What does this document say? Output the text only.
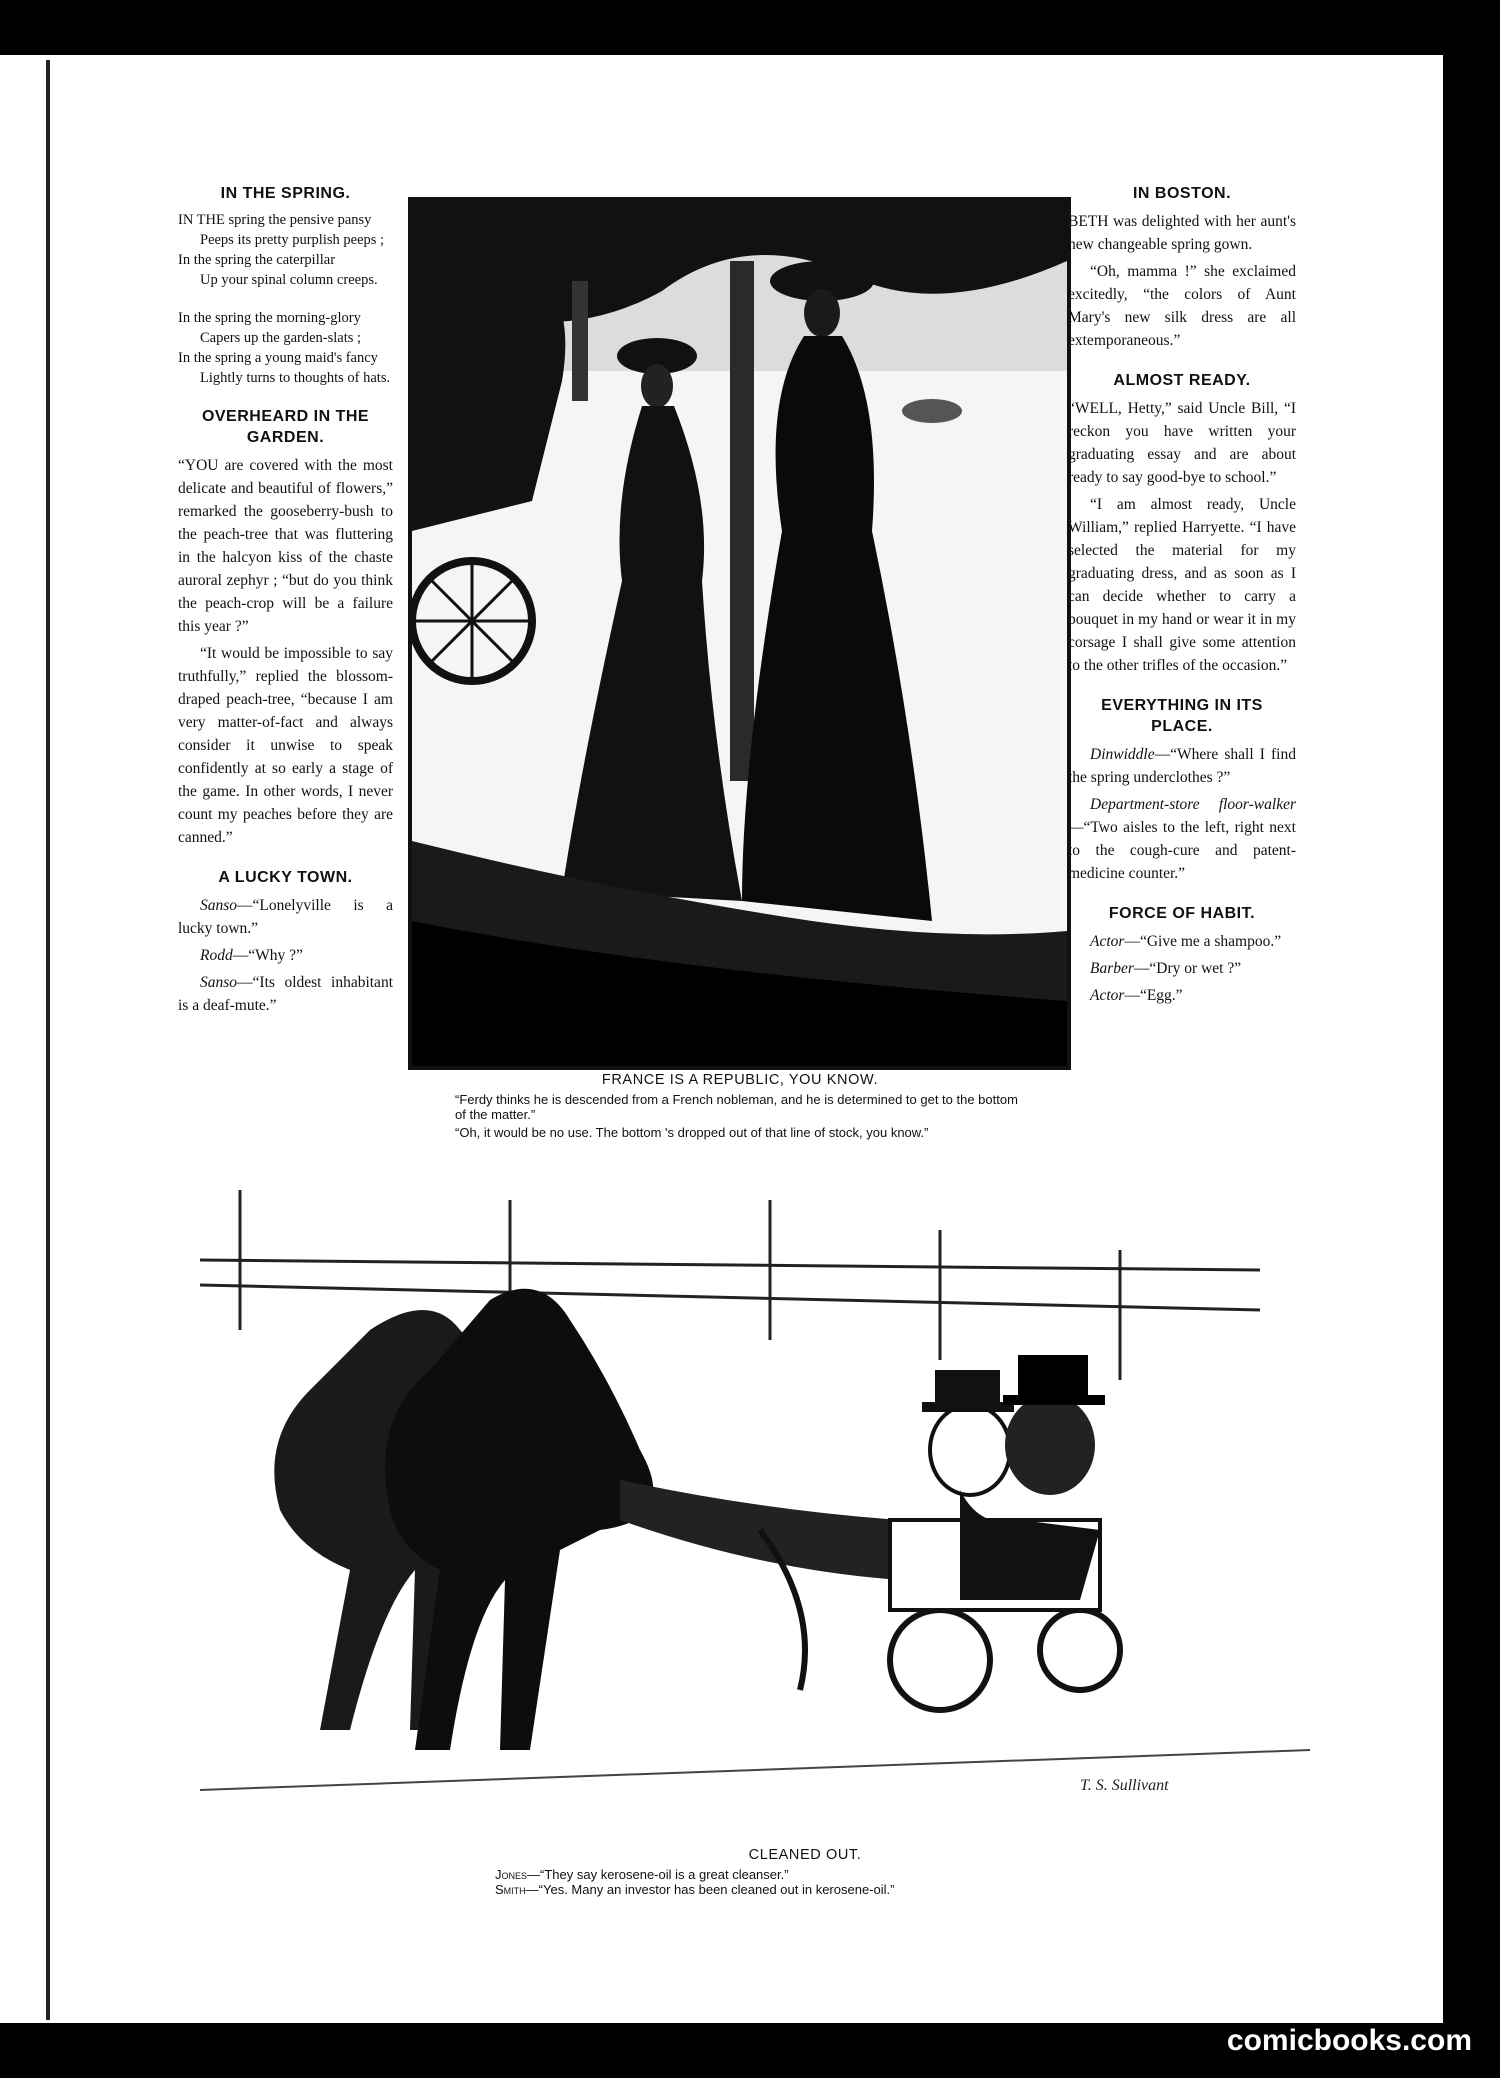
IN THE SPRING.
IN THE spring the pensive pansy
Peeps its pretty purplish peeps ;
In the spring the caterpillar
Up your spinal column creeps.
In the spring the morning-glory
Capers up the garden-slats ;
In the spring a young maid's fancy
Lightly turns to thoughts of hats.
OVERHEARD IN THE GARDEN.

“YOU are covered with the most delicate and beautiful of flowers,” remarked the gooseberry-bush to the peach-tree that was fluttering in the halcyon kiss of the chaste auroral zephyr ; “but do you think the peach-crop will be a failure this year ?”

“It would be impossible to say truthfully,” replied the blossom-draped peach-tree, “because I am very matter-of-fact and always consider it unwise to speak confidently at so early a stage of the game. In other words, I never count my peaches before they are canned.”

A LUCKY TOWN.

Sanso—“Lonelyville is a lucky town.”

Rodd—“Why ?”

Sanso—“Its oldest inhabitant is a deaf-mute.”

FRANCE IS A REPUBLIC, YOU KNOW.
“Ferdy thinks he is descended from a French nobleman, and he is determined to get to the bottom of the matter.”
“Oh, it would be no use. The bottom 's dropped out of that line of stock, you know.”
IN BOSTON.

BETH was delighted with her aunt's new changeable spring gown.

“Oh, mamma !” she exclaimed excitedly, “the colors of Aunt Mary's new silk dress are all extemporaneous.”

ALMOST READY.

“WELL, Hetty,” said Uncle Bill, “I reckon you have written your graduating essay and are about ready to say good-bye to school.”

“I am almost ready, Uncle William,” replied Harryette. “I have selected the material for my graduating dress, and as soon as I can decide whether to carry a bouquet in my hand or wear it in my corsage I shall give some attention to the other trifles of the occasion.”

EVERYTHING IN ITS PLACE.

Dinwiddle—“Where shall I find the spring underclothes ?”

Department-store floor-walker—“Two aisles to the left, right next to the cough-cure and patent-medicine counter.”

FORCE OF HABIT.

Actor—“Give me a shampoo.”

Barber—“Dry or wet ?”

Actor—“Egg.”

T. S. Sullivant
CLEANED OUT.
Jones—“They say kerosene-oil is a great cleanser.”
Smith—“Yes. Many an investor has been cleaned out in kerosene-oil.”
comicbooks.com
